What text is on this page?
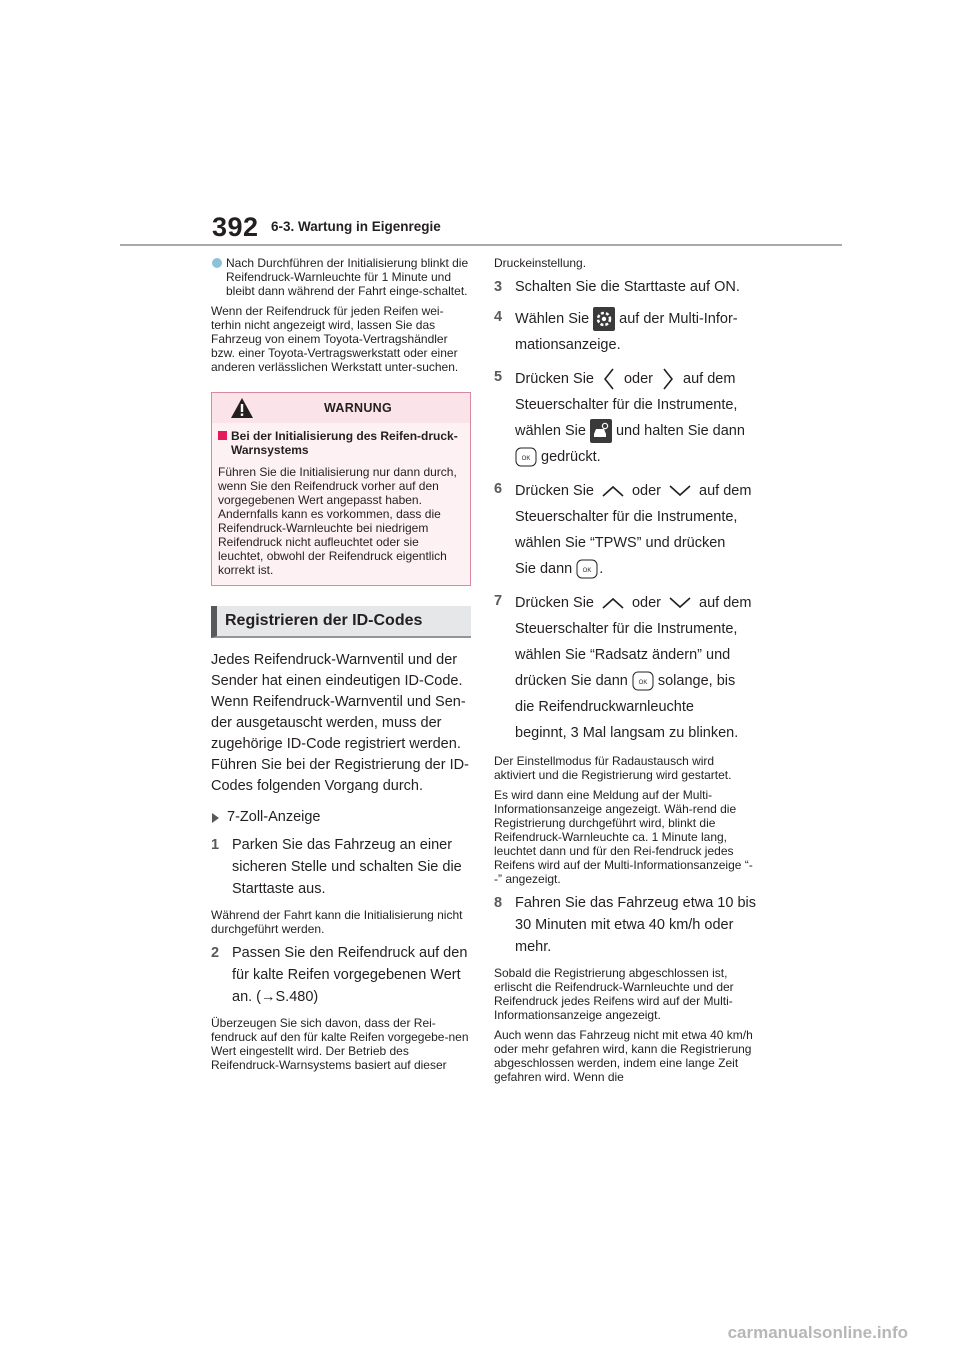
392 6-3. Wartung in Eigenregie
Nach Durchführen der Initialisierung blinkt die Reifendruck-Warnleuchte für 1 Minute und bleibt dann während der Fahrt einge-schaltet.

Wenn der Reifendruck für jeden Reifen wei-terhin nicht angezeigt wird, lassen Sie das Fahrzeug von einem Toyota-Vertragshändler bzw. einer Toyota-Vertragswerkstatt oder einer anderen verlässlichen Werkstatt unter-suchen.

WARNUNG
Bei der Initialisierung des Reifen-druck-Warnsystems
Führen Sie die Initialisierung nur dann durch, wenn Sie den Reifendruck vorher auf den vorgegebenen Wert angepasst haben. Andernfalls kann es vorkommen, dass die Reifendruck-Warnleuchte bei niedrigem Reifendruck nicht aufleuchtet oder sie leuchtet, obwohl der Reifendruck eigentlich korrekt ist.
Registrieren der ID-Codes

Jedes Reifendruck-Warnventil und der Sender hat einen eindeutigen ID-Code. Wenn Reifendruck-Warnventil und Sen-der ausgetauscht werden, muss der zugehörige ID-Code registriert werden. Führen Sie bei der Registrierung der ID-Codes folgenden Vorgang durch.

7-Zoll-Anzeige
1 Parken Sie das Fahrzeug an einer sicheren Stelle und schalten Sie die Starttaste aus.

Während der Fahrt kann die Initialisierung nicht durchgeführt werden.

2 Passen Sie den Reifendruck auf den für kalte Reifen vorgegebenen Wert an. (→S.480)

Überzeugen Sie sich davon, dass der Rei-fendruck auf den für kalte Reifen vorgegebe-nen Wert eingestellt wird. Der Betrieb des Reifendruck-Warnsystems basiert auf dieser

Druckeinstellung.

3 Schalten Sie die Starttaste auf ON.
4 Wählen Sie auf der Multi-Infor-
mationsanzeige.
5 Drücken Sie oder auf dem
Steuerschalter für die Instrumente,
wählen Sie und halten Sie dann
OK gedrückt.
6 Drücken Sie	oder	auf dem
Steuerschalter für die Instrumente,
wählen Sie “TPWS” und drücken
Sie dann OK .
7 Drücken Sie	oder	auf dem
Steuerschalter für die Instrumente,
wählen Sie “Radsatz ändern” und
drücken Sie dann OK solange, bis
die Reifendruckwarnleuchte
beginnt, 3 Mal langsam zu blinken.

Der Einstellmodus für Radaustausch wird aktiviert und die Registrierung wird gestartet.

Es wird dann eine Meldung auf der Multi-Informationsanzeige angezeigt. Wäh-rend die Registrierung durchgeführt wird, blinkt die Reifendruck-Warnleuchte ca. 1 Minute lang, leuchtet dann und für den Rei-fendruck jedes Reifens wird auf der Multi-Informationsanzeige “--” angezeigt.

8 Fahren Sie das Fahrzeug etwa 10 bis 30 Minuten mit etwa 40 km/h oder mehr.

Sobald die Registrierung abgeschlossen ist, erlischt die Reifendruck-Warnleuchte und der Reifendruck jedes Reifens wird auf der Multi-Informationsanzeige angezeigt.

Auch wenn das Fahrzeug nicht mit etwa 40 km/h oder mehr gefahren wird, kann die Registrierung abgeschlossen werden, indem eine lange Zeit gefahren wird. Wenn die

carmanualsonline.info
